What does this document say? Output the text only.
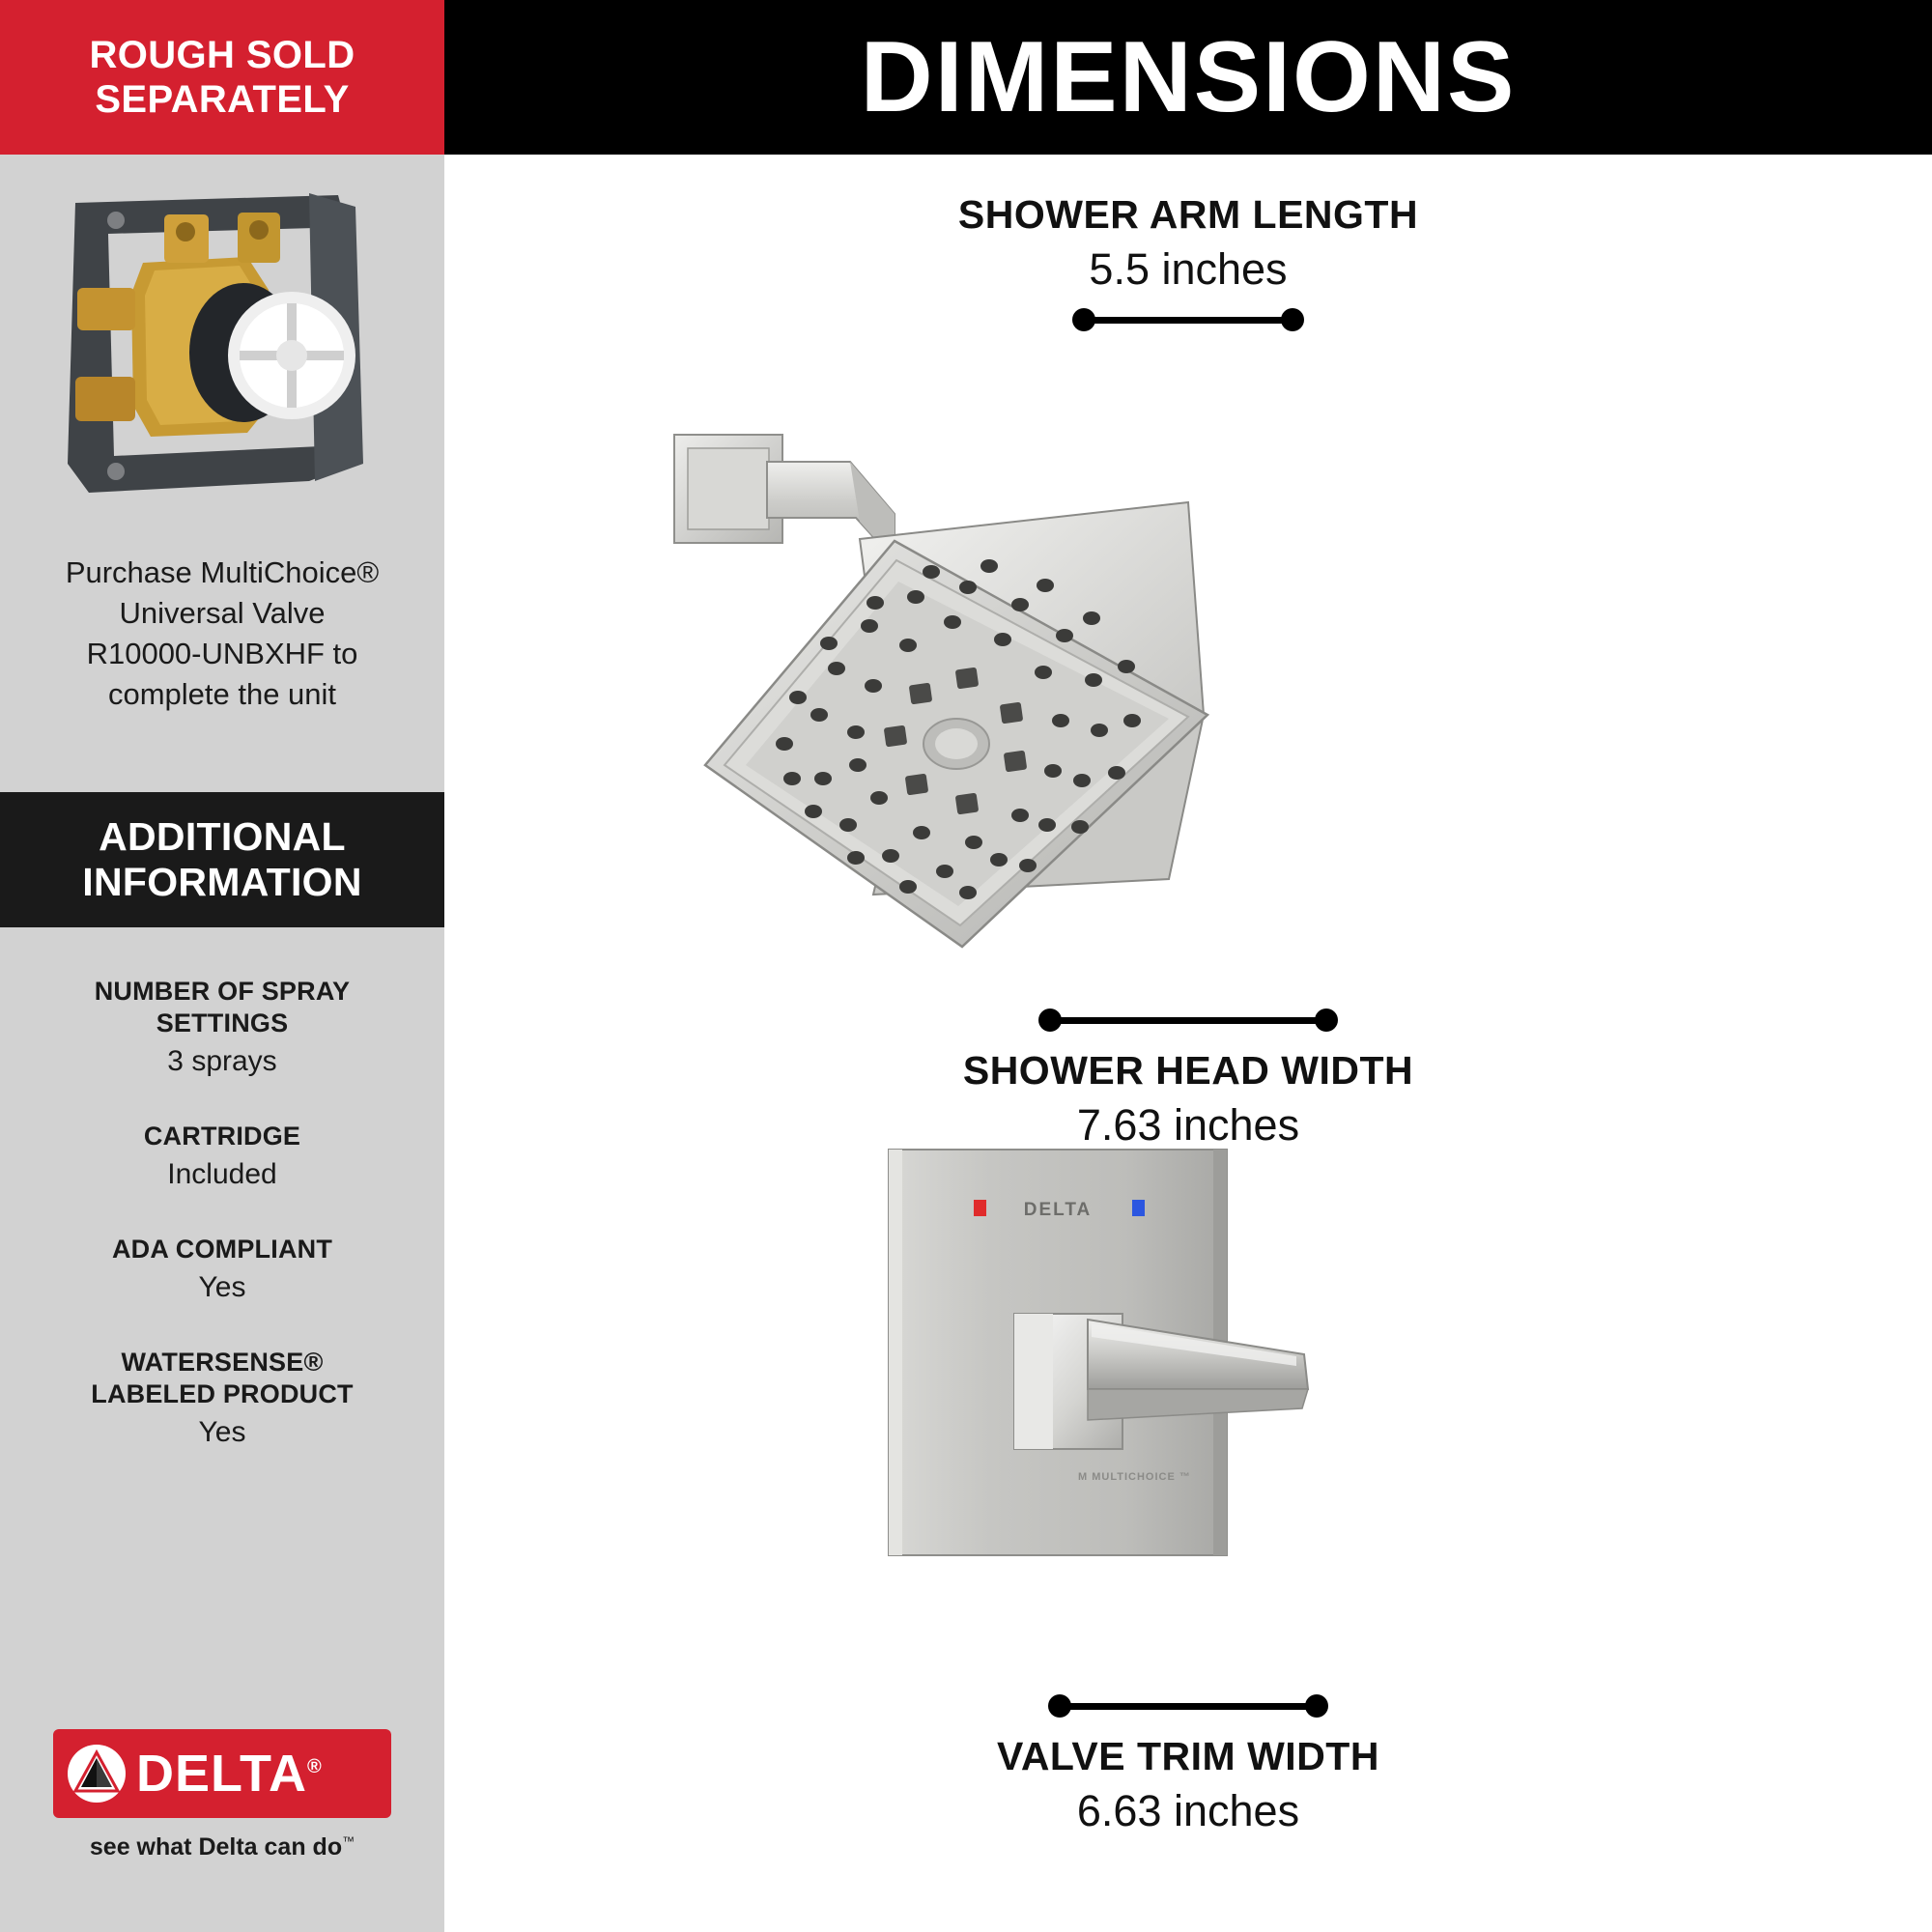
ROUGH SOLD
SEPARATELY
Purchase MultiChoice®
Universal Valve
R10000-UNBXHF to
complete the unit
ADDITIONAL
INFORMATION
NUMBER OF SPRAY
SETTINGS
3 sprays
CARTRIDGE
Included
ADA COMPLIANT
Yes
WATERSENSE®
LABELED PRODUCT
Yes
DELTA®
see what Delta can do™
DIMENSIONS
SHOWER ARM LENGTH
5.5 inches
SHOWER HEAD WIDTH
7.63 inches
DELTA
M MULTICHOICE ™
VALVE TRIM WIDTH
6.63 inches
